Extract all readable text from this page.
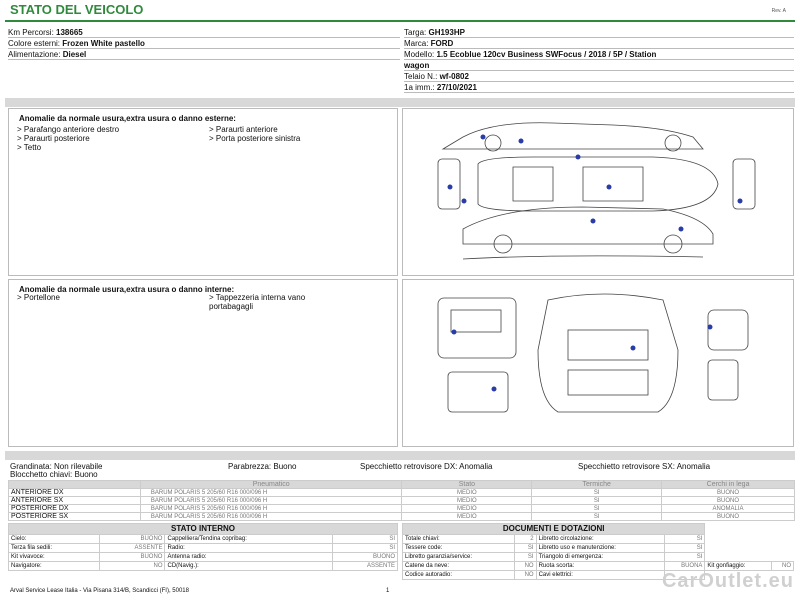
STATO DEL VEICOLO	Rev. A
Km Percorsi: 138665
Colore esterni: Frozen White pastello
Alimentazione: Diesel
Targa: GH193HP
Marca: FORD
Modello: 1.5 Ecoblue 120cv Business SWFocus / 2018 / 5P / Station
wagon
Telaio N.: wf-0802
1a imm.: 27/10/2021
Anomalie da normale usura,extra usura o danno esterne:
> Parafango anteriore destro
> Paraurti posteriore
> Tetto
> Paraurti anteriore
> Porta posteriore sinistra
Anomalie da normale usura,extra usura o danno interne:
> Portellone	> Tappezzeria interna vano
portabagagli
Grandinata: Non rilevabile
Blocchetto chiavi: Buono
Parabrezza: Buono	Specchietto retrovisore DX: Anomalia	Specchietto retrovisore SX: Anomalia
	Pneumatico	Stato	Termiche	Cerchi in lega
ANTERIORE DX	BARUM POLARIS 5 205/60 R16 000/096 H	MEDIO	SI	BUONO
ANTERIORE SX	BARUM POLARIS 5 205/60 R16 000/096 H	MEDIO	SI	BUONO
POSTERIORE DX	BARUM POLARIS 5 205/60 R16 000/096 H	MEDIO	SI	ANOMALIA
POSTERIORE SX	BARUM POLARIS 5 205/60 R16 000/096 H	MEDIO	SI	BUONO
STATO INTERNO			
Cielo:	BUONO	Cappelliera/Tendina copribag:	SI
Terza fila sedili:	ASSENTE	Radio:	SI
Kit vivavoce:	BUONO	Antenna radio:	BUONO
Navigatore:	NO	CD(Navig.):	ASSENTE
DOCUMENTI E DOTAZIONI					
Totale chiavi:	2	Libretto circolazione:	SI		
Tessere code:	SI	Libretto uso e manutenzione:	SI		
Libretto garanzia/service:	SI	Triangolo di emergenza:	SI		
Catene da neve:	NO	Ruota scorta:	BUONA	Kit gonfiaggio:	NO
Codice autoradio:	NO	Cavi elettrici:			
Arval Service Lease Italia - Via Pisana 314/B, Scandicci (FI), 50018	1	CarOutlet.eu
